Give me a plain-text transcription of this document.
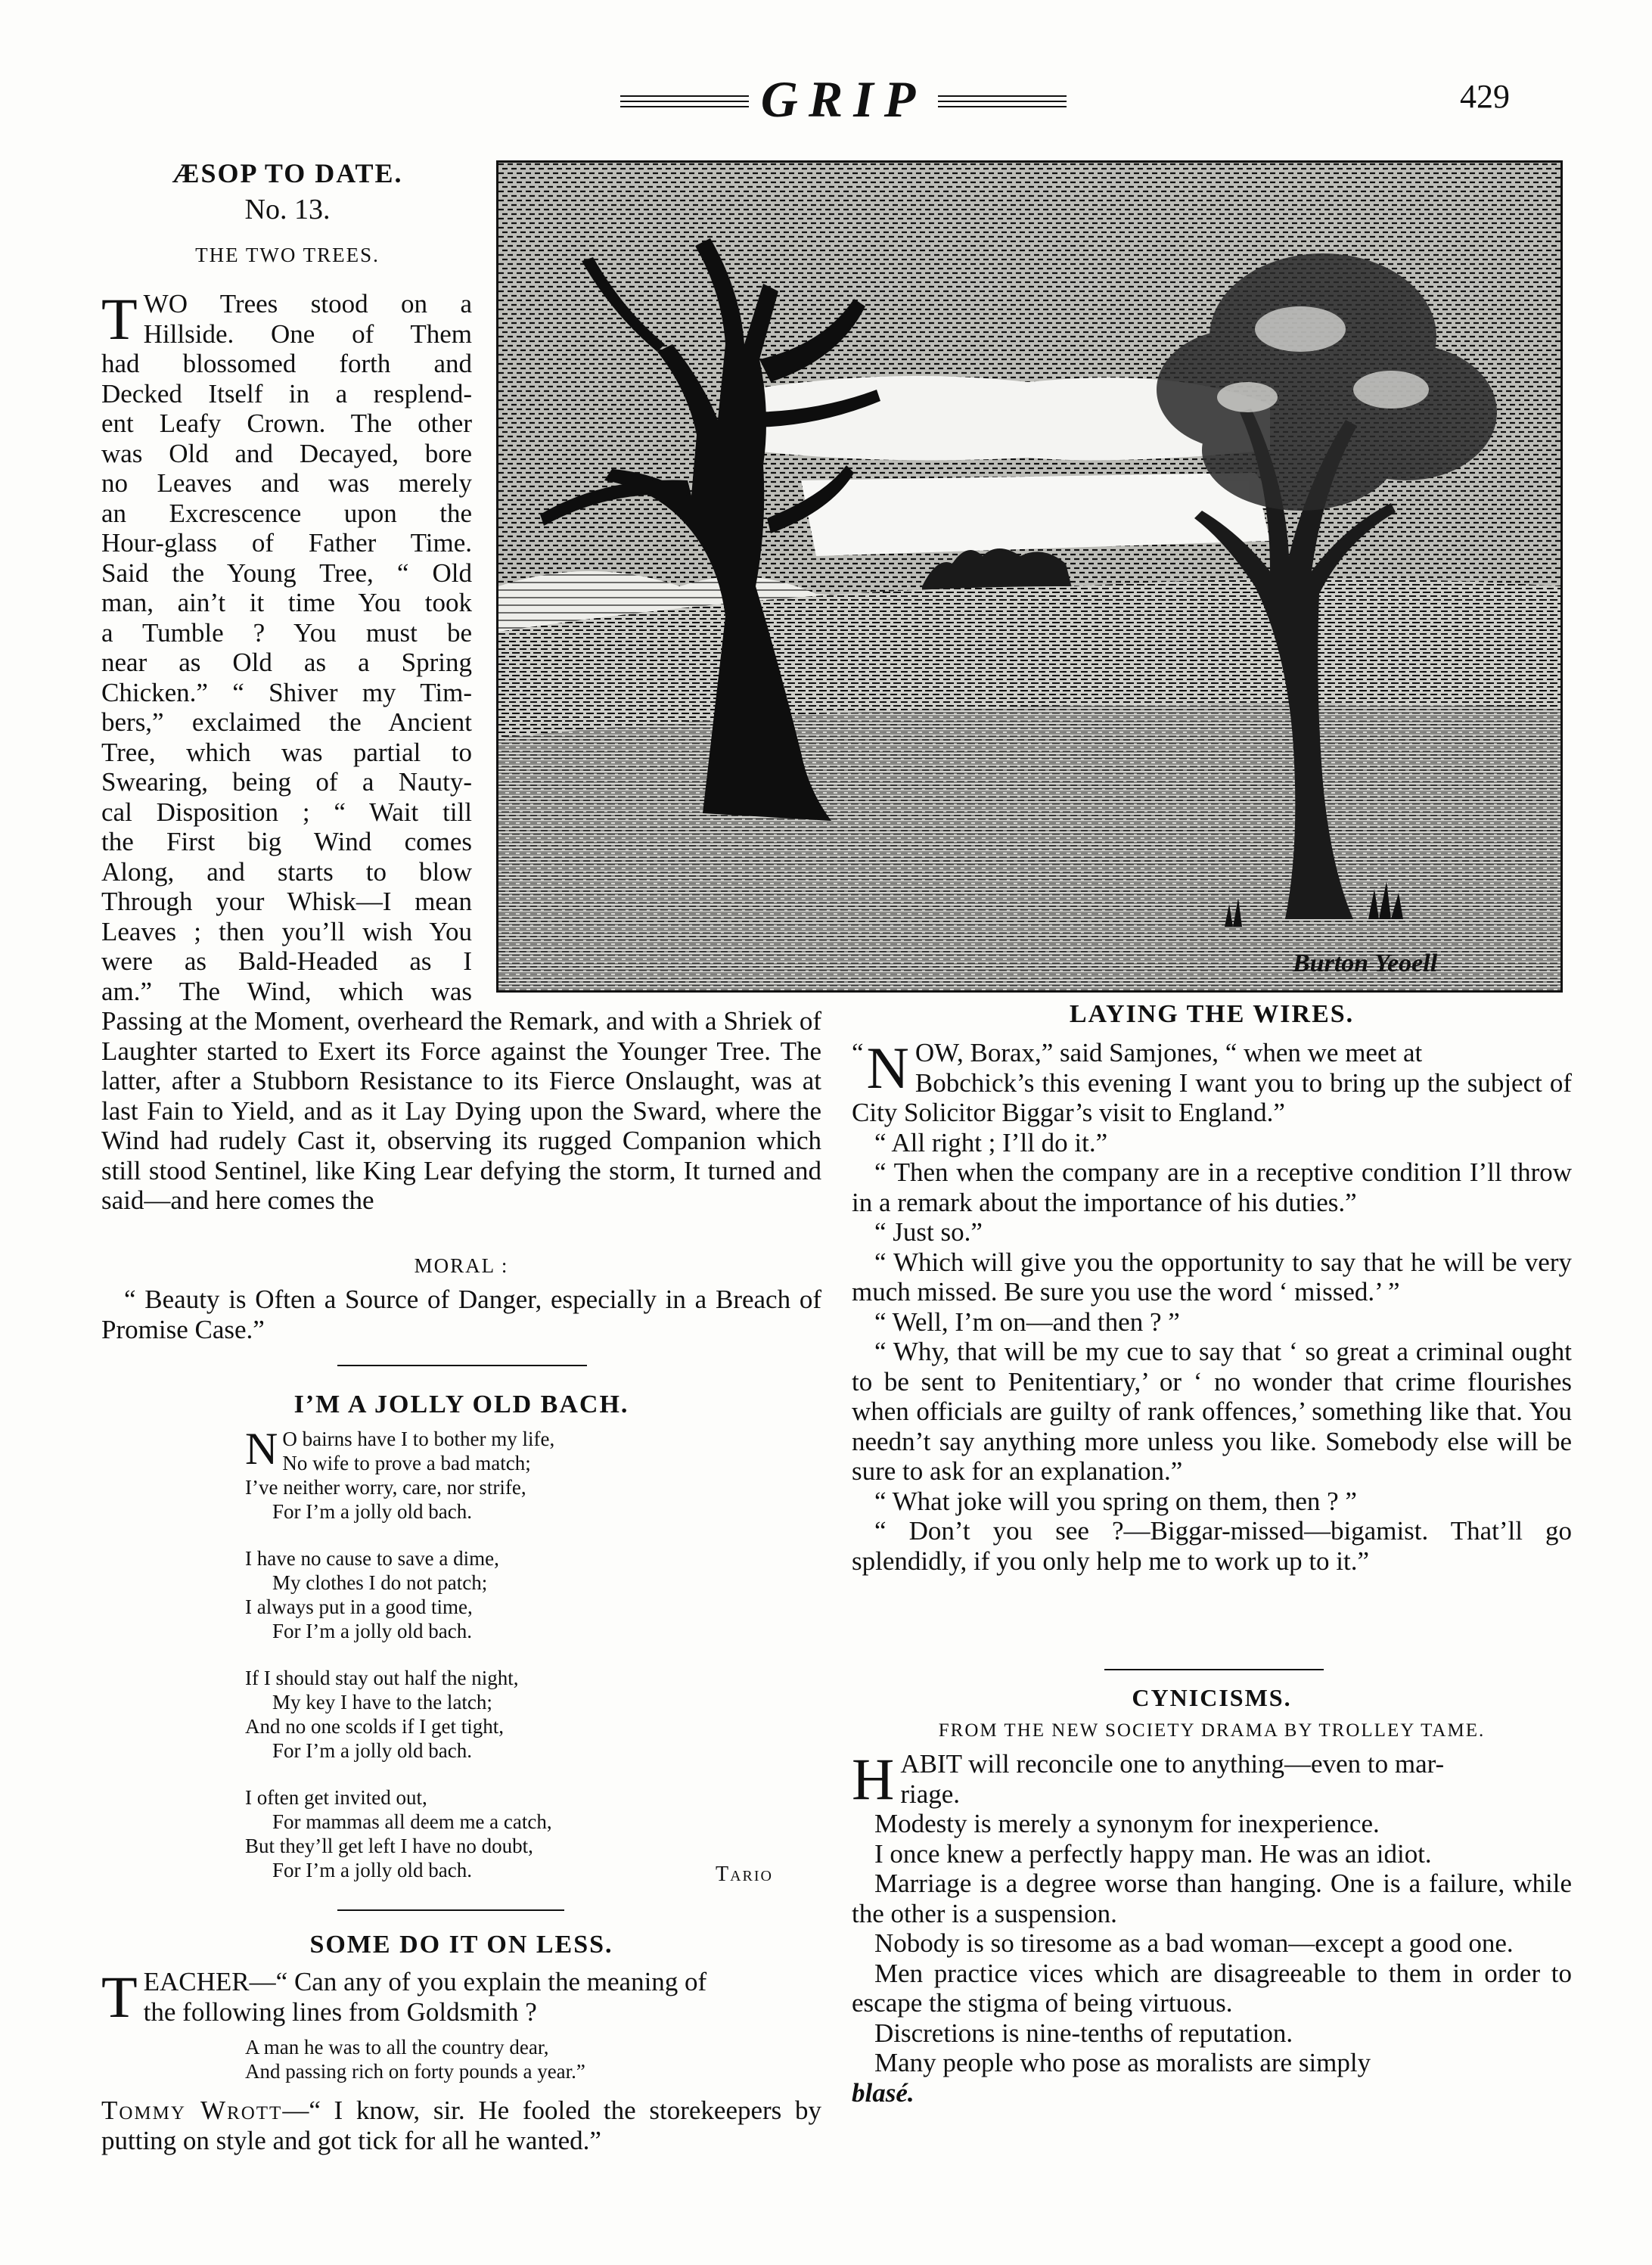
GRIP	429
Burton Yeoell
ÆSOP TO DATE.
No. 13.
THE TWO TREES.
T WO Trees stood on a
Hillside. One of Them
had blossomed forth and
Decked Itself in a resplend-
ent Leafy Crown. The other
was Old and Decayed, bore
no Leaves and was merely
an Excrescence upon the
Hour-glass of Father Time.
Said the Young Tree, “ Old
man, ain’t it time You took
a Tumble ? You must be
near as Old as a Spring
Chicken.” “ Shiver my Tim-
bers,” exclaimed the Ancient
Tree, which was partial to
Swearing, being of a Nauty-
cal Disposition ; “ Wait till
the First big Wind comes
Along, and starts to blow
Through your Whisk—I mean
Leaves ; then you’ll wish You
were as Bald-Headed as I
am.” The Wind, which was
Passing at the Moment, overheard the Remark, and with a Shriek of Laughter started to Exert its Force against the Younger Tree. The latter, after a Stubborn Resistance to its Fierce Onslaught, was at last Fain to Yield, and as it Lay Dying upon the Sward, where the Wind had rudely Cast it, observing its rugged Companion which still stood Sentinel, like King Lear defying the storm, It turned and said—and here comes the
MORAL :
“ Beauty is Often a Source of Danger, especially in a Breach of Promise Case.”
I’M A JOLLY OLD BACH.
N O bairns have I to bother my life,
No wife to prove a bad match;
I’ve neither worry, care, nor strife,
For I’m a jolly old bach.
I have no cause to save a dime,
My clothes I do not patch;
I always put in a good time,
For I’m a jolly old bach.
If I should stay out half the night,
My key I have to the latch;
And no one scolds if I get tight,
For I’m a jolly old bach.
I often get invited out,
For mammas all deem me a catch,
But they’ll get left I have no doubt,
For I’m a jolly old bach.	Tario
SOME DO IT ON LESS.
T EACHER—“ Can any of you explain the meaning of
the following lines from Goldsmith ?
A man he was to all the country dear,
And passing rich on forty pounds a year.”
Tommy Wrott—“ I know, sir. He fooled the storekeepers by putting on style and got tick for all he wanted.”
LAYING THE WIRES.
“ N OW, Borax,” said Samjones, “ when we meet at
Bobchick’s this evening I want you to bring up the subject of City Solicitor Biggar’s visit to England.”

“ All right ; I’ll do it.”

“ Then when the company are in a receptive condition I’ll throw in a remark about the importance of his duties.”

“ Just so.”

“ Which will give you the opportunity to say that he will be very much missed. Be sure you use the word ‘ missed.’ ”

“ Well, I’m on—and then ? ”

“ Why, that will be my cue to say that ‘ so great a criminal ought to be sent to Penitentiary,’ or ‘ no wonder that crime flourishes when officials are guilty of rank offences,’ something like that. You needn’t say anything more unless you like. Somebody else will be sure to ask for an explanation.”

“ What joke will you spring on them, then ? ”

“ Don’t you see ?—Biggar-missed—bigamist. That’ll go splendidly, if you only help me to work up to it.”

CYNICISMS.
FROM THE NEW SOCIETY DRAMA BY TROLLEY TAME.
H ABIT will reconcile one to anything—even to mar-
riage.

Modesty is merely a synonym for inexperience.

I once knew a perfectly happy man. He was an idiot.

Marriage is a degree worse than hanging. One is a failure, while the other is a suspension.

Nobody is so tiresome as a bad woman—except a good one.

Men practice vices which are disagreeable to them in order to escape the stigma of being virtuous.

Discretions is nine-tenths of reputation.

Many people who pose as moralists are simply

blasé.
